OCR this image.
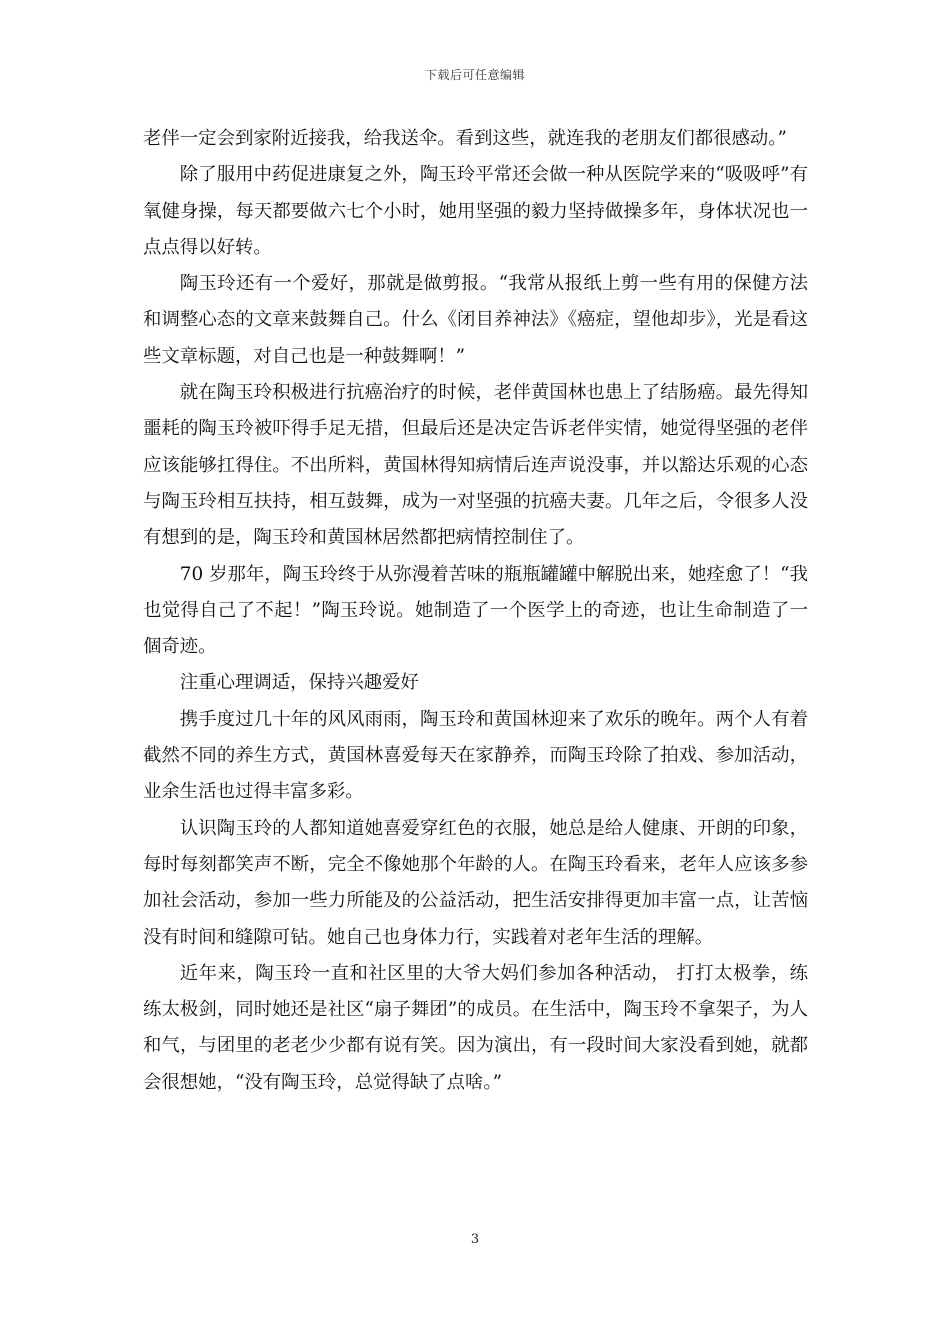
下载后可任意编辑

老伴一定会到家附近接我，给我送伞。看到这些，就连我的老朋友们都很感动。”

除了服用中药促进康复之外，陶玉玲平常还会做一种从医院学来的“吸吸呼”有氧健身操，每天都要做六七个小时，她用坚强的毅力坚持做操多年，身体状况也一点点得以好转。

陶玉玲还有一个爱好，那就是做剪报。“我常从报纸上剪一些有用的保健方法和调整心态的文章来鼓舞自己。什么《闭目养神法》《癌症，望他却步》，光是看这些文章标题，对自己也是一种鼓舞啊！”

就在陶玉玲积极进行抗癌治疗的时候，老伴黄国林也患上了结肠癌。最先得知噩耗的陶玉玲被吓得手足无措，但最后还是决定告诉老伴实情，她觉得坚强的老伴应该能够扛得住。不出所料，黄国林得知病情后连声说没事，并以豁达乐观的心态与陶玉玲相互扶持，相互鼓舞，成为一对坚强的抗癌夫妻。几年之后，令很多人没有想到的是，陶玉玲和黄国林居然都把病情控制住了。

70 岁那年，陶玉玲终于从弥漫着苦味的瓶瓶罐罐中解脱出来，她痊愈了！“我也觉得自己了不起！”陶玉玲说。她制造了一个医学上的奇迹，也让生命制造了一個奇迹。

注重心理调适，保持兴趣爱好

携手度过几十年的风风雨雨，陶玉玲和黄国林迎来了欢乐的晚年。两个人有着截然不同的养生方式，黄国林喜爱每天在家静养，而陶玉玲除了拍戏、参加活动，业余生活也过得丰富多彩。

认识陶玉玲的人都知道她喜爱穿红色的衣服，她总是给人健康、开朗的印象，每时每刻都笑声不断，完全不像她那个年龄的人。在陶玉玲看来，老年人应该多参加社会活动，参加一些力所能及的公益活动，把生活安排得更加丰富一点，让苦恼没有时间和缝隙可钻。她自己也身体力行，实践着对老年生活的理解。

近年来，陶玉玲一直和社区里的大爷大妈们参加各种活动， 打打太极拳，练练太极剑，同时她还是社区“扇子舞团”的成员。在生活中，陶玉玲不拿架子，为人和气，与团里的老老少少都有说有笑。因为演出，有一段时间大家没看到她，就都会很想她，“没有陶玉玲，总觉得缺了点啥。”

3
